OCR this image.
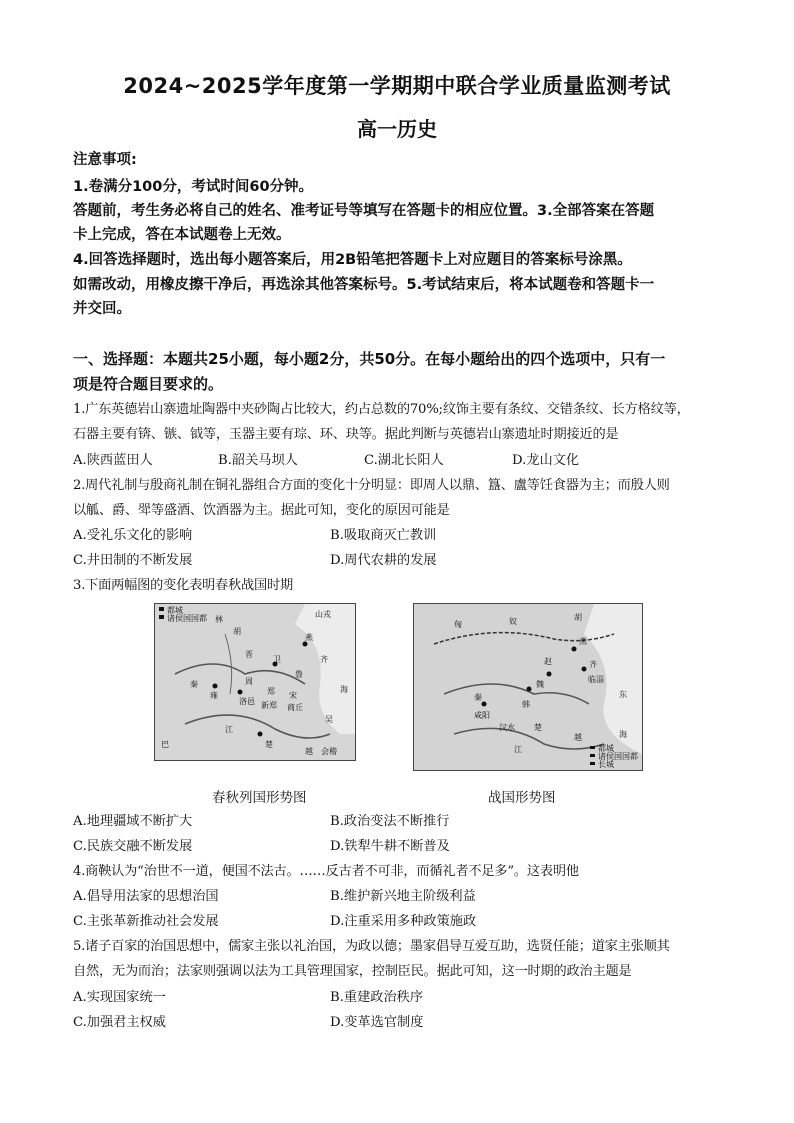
2024~2025学年度第一学期期中联合学业质量监测考试
高一历史
注意事项:
1.卷满分100分，考试时间60分钟。
答题前，考生务必将自己的姓名、准考证号等填写在答题卡的相应位置。3.全部答案在答题
卡上完成，答在本试题卷上无效。
4.回答选择题时，选出每小题答案后，用2B铅笔把答题卡上对应题目的答案标号涂黑。
如需改动，用橡皮擦干净后，再选涂其他答案标号。5.考试结束后，将本试题卷和答题卡一
并交回。
一、选择题：本题共25小题，每小题2分，共50分。在每小题给出的四个选项中，只有一
项是符合题目要求的。
1.广东英德岩山寨遗址陶器中夹砂陶占比较大，约占总数的70%;纹饰主要有条纹、交错条纹、长方格纹等，
石器主要有锛、镞、钺等，玉器主要有琮、环、玦等。据此判断与英德岩山寨遗址时期接近的是
A.陕西蓝田人	B.韶关马坝人	C.湖北长阳人	D.龙山文化
2.周代礼制与殷商礼制在铜礼器组合方面的变化十分明显：即周人以鼎、簋、盧等饪食器为主；而殷人则
以觚、爵、斝等盛酒、饮酒器为主。据此可知，变化的原因可能是
A.受礼乐文化的影响	B.吸取商灭亡教训
C.井田制的不断发展	D.周代农耕的发展
3.下面两幅图的变化表明春秋战国时期
都城
诸侯国国都 林
胡
山戎
燕
晋
卫	齐
鲁
秦
雍
周
洛邑
郑
新郑
宋
商丘
吴
楚
巴
越 会稽
江
海
春秋列国形势图
匈	奴	胡
燕
赵	齐
临淄
魏
秦
咸阳
韩
楚
越
东
海
汉水
江	都城
诸侯国国都
长城
战国形势图
A.地理疆域不断扩大	B.政治变法不断推行
C.民族交融不断发展	D.铁犁牛耕不断普及
4.商鞅认为“治世不一道，便国不法古。……反古者不可非，而循礼者不足多”。这表明他
A.倡导用法家的思想治国	B.维护新兴地主阶级利益
C.主张革新推动社会发展	D.注重采用多种政策施政
5.诸子百家的治国思想中，儒家主张以礼治国，为政以德；墨家倡导互爱互助，选贤任能；道家主张顺其
自然，无为而治；法家则强调以法为工具管理国家，控制臣民。据此可知，这一时期的政治主题是
A.实现国家统一	B.重建政治秩序
C.加强君主权威	D.变革选官制度
